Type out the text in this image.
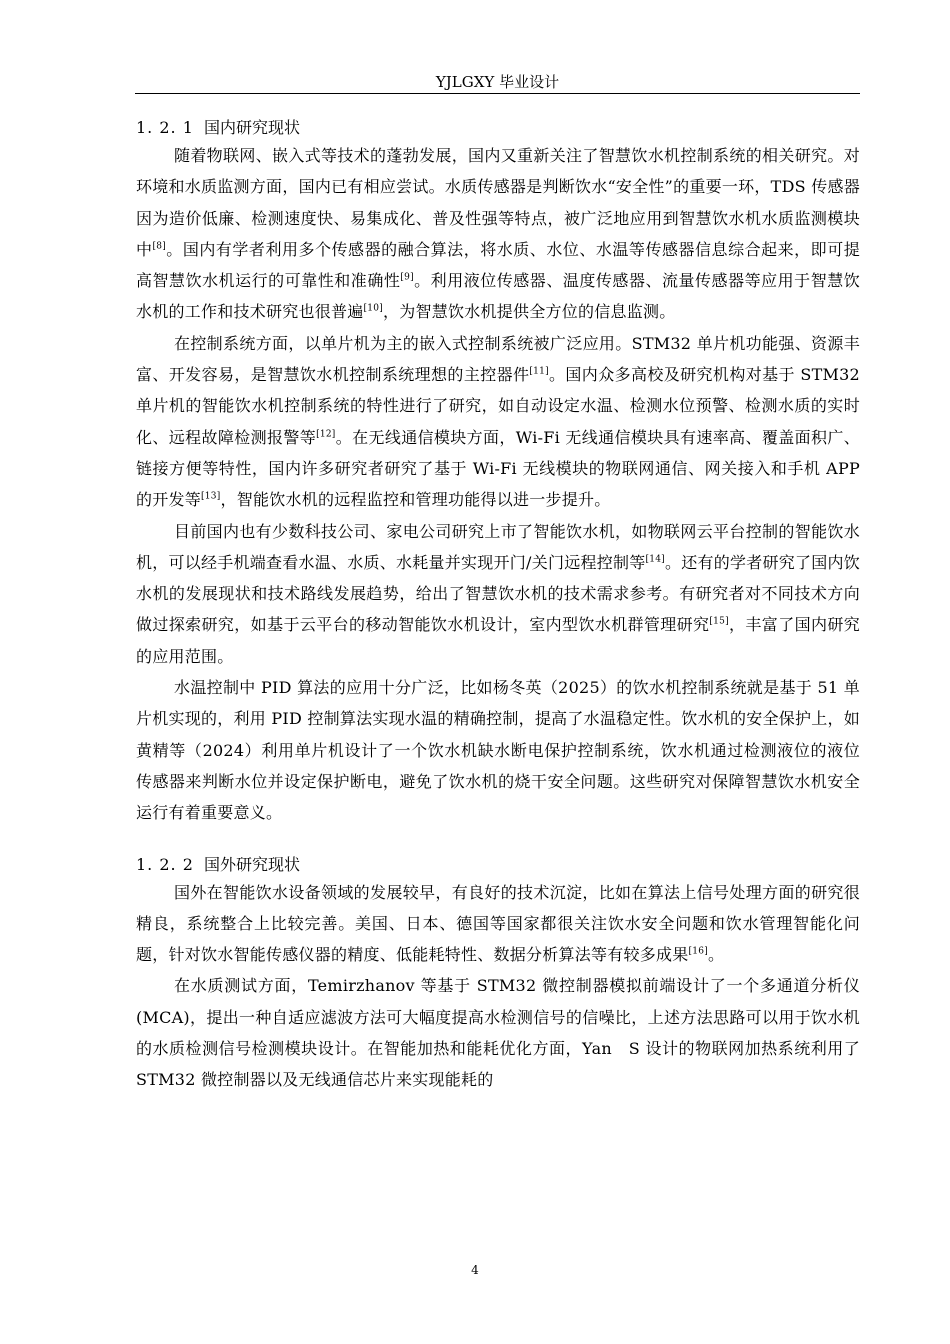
YJLGXY 毕业设计
1. 2. 1 国内研究现状

随着物联网、嵌入式等技术的蓬勃发展，国内又重新关注了智慧饮水机控制系统的相关研究。对环境和水质监测方面，国内已有相应尝试。水质传感器是判断饮水“安全性”的重要一环，TDS 传感器因为造价低廉、检测速度快、易集成化、普及性强等特点，被广泛地应用到智慧饮水机水质监测模块中[8]。国内有学者利用多个传感器的融合算法，将水质、水位、水温等传感器信息综合起来，即可提高智慧饮水机运行的可靠性和准确性[9]。利用液位传感器、温度传感器、流量传感器等应用于智慧饮水机的工作和技术研究也很普遍[10]，为智慧饮水机提供全方位的信息监测。

在控制系统方面，以单片机为主的嵌入式控制系统被广泛应用。STM32 单片机功能强、资源丰富、开发容易，是智慧饮水机控制系统理想的主控器件[11]。国内众多高校及研究机构对基于 STM32 单片机的智能饮水机控制系统的特性进行了研究，如自动设定水温、检测水位预警、检测水质的实时化、远程故障检测报警等[12]。在无线通信模块方面，Wi-Fi 无线通信模块具有速率高、覆盖面积广、链接方便等特性，国内许多研究者研究了基于 Wi-Fi 无线模块的物联网通信、网关接入和手机 APP 的开发等[13]，智能饮水机的远程监控和管理功能得以进一步提升。

目前国内也有少数科技公司、家电公司研究上市了智能饮水机，如物联网云平台控制的智能饮水机，可以经手机端查看水温、水质、水耗量并实现开门/关门远程控制等[14]。还有的学者研究了国内饮水机的发展现状和技术路线发展趋势，给出了智慧饮水机的技术需求参考。有研究者对不同技术方向做过探索研究，如基于云平台的移动智能饮水机设计，室内型饮水机群管理研究[15]，丰富了国内研究的应用范围。

水温控制中 PID 算法的应用十分广泛，比如杨冬英（2025）的饮水机控制系统就是基于 51 单片机实现的，利用 PID 控制算法实现水温的精确控制，提高了水温稳定性。饮水机的安全保护上，如黄精等（2024）利用单片机设计了一个饮水机缺水断电保护控制系统，饮水机通过检测液位的液位传感器来判断水位并设定保护断电，避免了饮水机的烧干安全问题。这些研究对保障智慧饮水机安全运行有着重要意义。

1. 2. 2 国外研究现状

国外在智能饮水设备领域的发展较早，有良好的技术沉淀，比如在算法上信号处理方面的研究很精良，系统整合上比较完善。美国、日本、德国等国家都很关注饮水安全问题和饮水管理智能化问题，针对饮水智能传感仪器的精度、低能耗特性、数据分析算法等有较多成果[16]。

在水质测试方面，Temirzhanov 等基于 STM32 微控制器模拟前端设计了一个多通道分析仪(MCA)，提出一种自适应滤波方法可大幅度提高水检测信号的信噪比，上述方法思路可以用于饮水机的水质检测信号检测模块设计。在智能加热和能耗优化方面，Yan　S 设计的物联网加热系统利用了 STM32 微控制器以及无线通信芯片来实现能耗的

4
